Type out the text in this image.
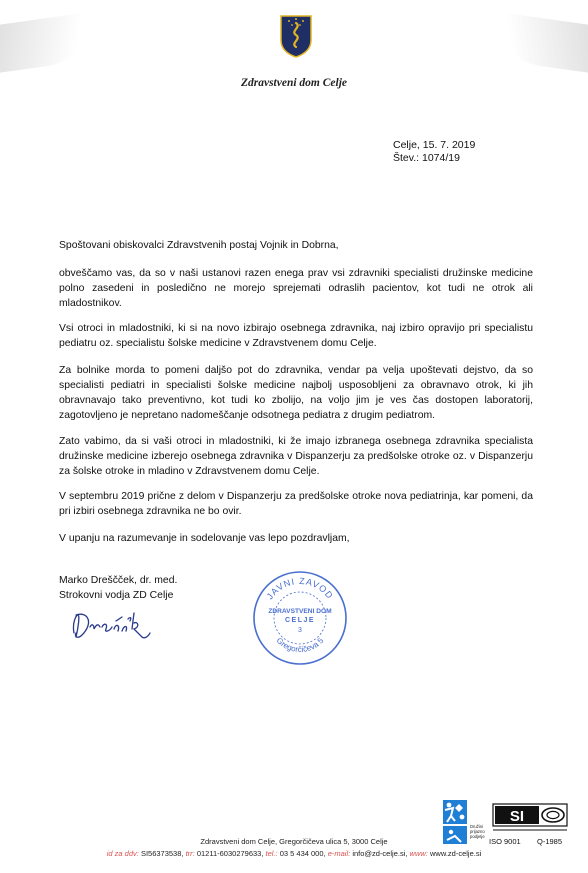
Zdravstveni dom Celje
Celje, 15. 7. 2019
Štev.: 1074/19

Spoštovani obiskovalci Zdravstvenih postaj Vojnik in Dobrna,

obveščamo vas, da so v naši ustanovi razen enega prav vsi zdravniki specialisti družinske medicine polno zasedeni in posledično ne morejo sprejemati odraslih pacientov, kot tudi ne otrok ali mladostnikov.

Vsi otroci in mladostniki, ki si na novo izbirajo osebnega zdravnika, naj izbiro opravijo pri specialistu pediatru oz. specialistu šolske medicine v Zdravstvenem domu Celje.

Za bolnike morda to pomeni daljšo pot do zdravnika, vendar pa velja upoštevati dejstvo, da so specialisti pediatri in specialisti šolske medicine najbolj usposobljeni za obravnavo otrok, ki jih obravnavajo tako preventivno, kot tudi ko zbolijo, na voljo jim je ves čas dostopen laboratorij, zagotovljeno je nepretano nadomeščanje odsotnega pediatra z drugim pediatrom.

Zato vabimo, da si vaši otroci in mladostniki, ki že imajo izbranega osebnega zdravnika specialista družinske medicine izberejo osebnega zdravnika v Dispanzerju za predšolske otroke oz. v Dispanzerju za šolske otroke in mladino v Zdravstvenem domu Celje.

V septembru 2019 prične z delom v Dispanzerju za predšolske otroke nova pediatrinja, kar pomeni, da pri izbiri osebnega zdravnika ne bo ovir.

V upanju na razumevanje in sodelovanje vas lepo pozdravljam,

Marko Dreščček, dr. med.
Strokovni vodja ZD Celje	JAVNI ZAVOD
Gregorčičeva 5
ZDRAVSTVENI DOM
CELJE
3
SI
Družini prijazno podjetje
ISO 9001 Q-1985
Zdravstveni dom Celje, Gregorčičeva ulica 5, 3000 Celje
id za ddv: SI56373538, trr: 01211-6030279633, tel.: 03 5 434 000, e-mail: info@zd-celje.si, www: www.zd-celje.si
